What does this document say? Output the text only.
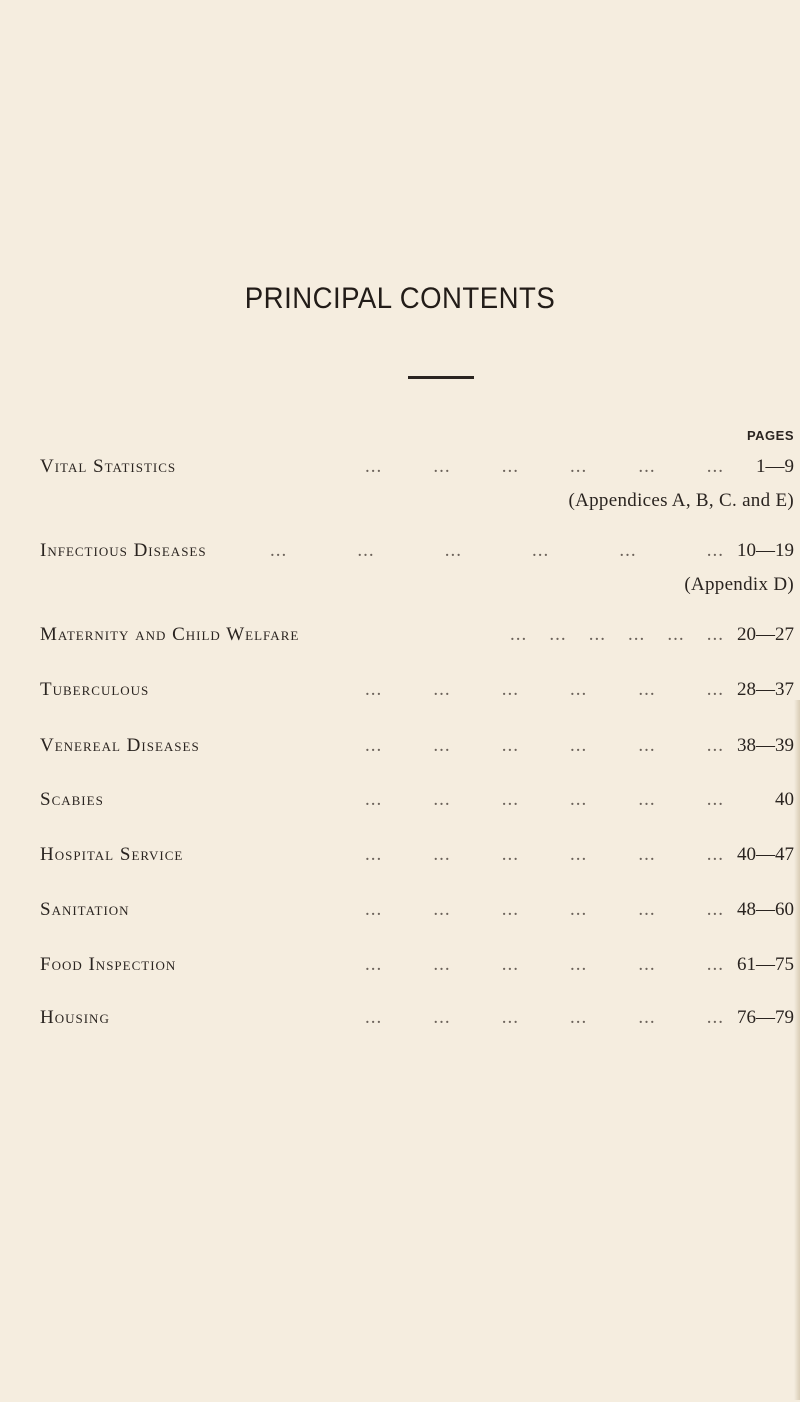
PRINCIPAL CONTENTS
PAGES
Vital Statistics	...	...	...	...	...	... 1—9
(Appendices A, B, C. and E)
Infectious Diseases	...	...	...	...	...	... 10—19
(Appendix D)
Maternity and Child Welfare	... ... ... ... ... ... 20—27
Tuberculous	...	...	...	...	...	... 28—37
Venereal Diseases	...	...	...	...	...	... 38—39
Scabies	...	...	...	...	...	...	40
Hospital Service	...	...	...	...	...	... 40—47
Sanitation	...	...	...	...	...	... 48—60
Food Inspection	...	...	...	...	...	... 61—75
Housing	...	...	...	...	...	... 76—79
